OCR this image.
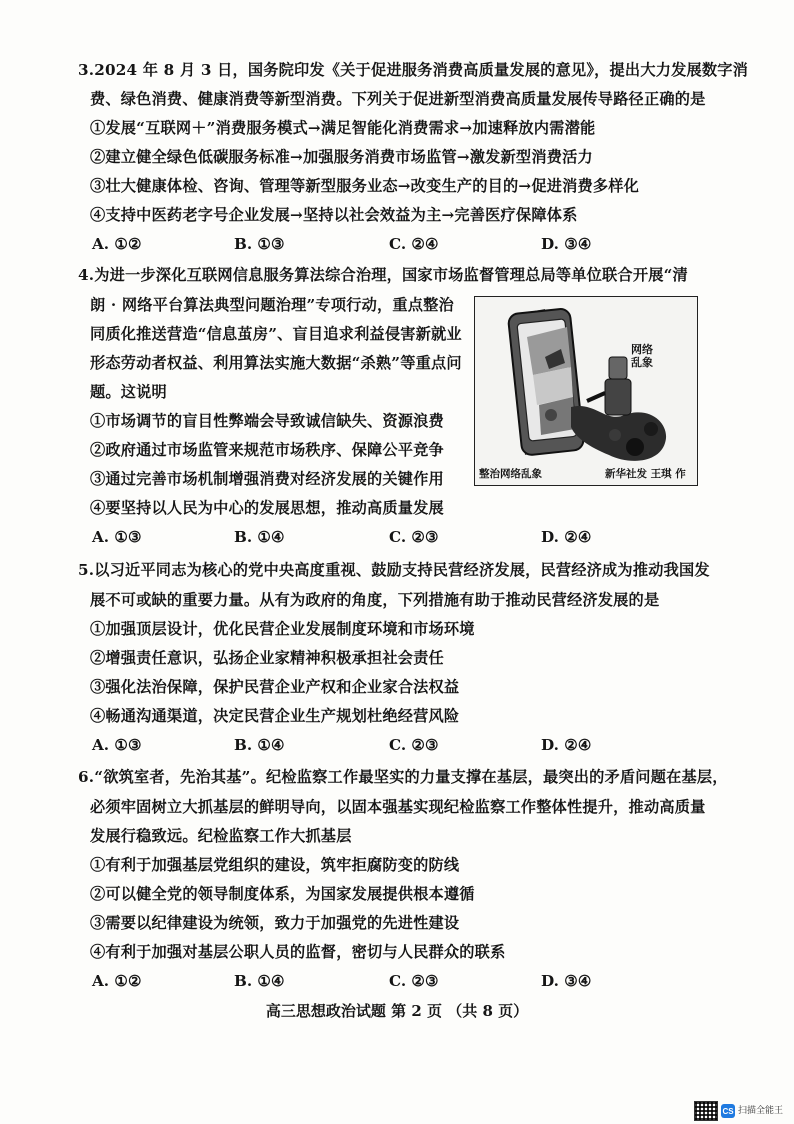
3.2024 年 8 月 3 日，国务院印发《关于促进服务消费高质量发展的意见》，提出大力发展数字消
费、绿色消费、健康消费等新型消费。下列关于促进新型消费高质量发展传导路径正确的是
①发展“互联网＋”消费服务模式→满足智能化消费需求→加速释放内需潜能
②建立健全绿色低碳服务标准→加强服务消费市场监管→激发新型消费活力
③壮大健康体检、咨询、管理等新型服务业态→改变生产的目的→促进消费多样化
④支持中医药老字号企业发展→坚持以社会效益为主→完善医疗保障体系
A. ①②	B. ①③	C. ②④	D. ③④
4.为进一步深化互联网信息服务算法综合治理，国家市场监督管理总局等单位联合开展“清
朗 · 网络平台算法典型问题治理”专项行动，重点整治
同质化推送营造“信息茧房”、盲目追求利益侵害新就业
形态劳动者权益、利用算法实施大数据“杀熟”等重点问
题。这说明
①市场调节的盲目性弊端会导致诚信缺失、资源浪费
②政府通过市场监管来规范市场秩序、保障公平竞争
③通过完善市场机制增强消费对经济发展的关键作用
④要坚持以人民为中心的发展思想，推动高质量发展
A. ①③	B. ①④	C. ②③	D. ②④
网络乱象
整治网络乱象	新华社发 王琪 作
5.以习近平同志为核心的党中央高度重视、鼓励支持民营经济发展，民营经济成为推动我国发
展不可或缺的重要力量。从有为政府的角度，下列措施有助于推动民营经济发展的是
①加强顶层设计，优化民营企业发展制度环境和市场环境
②增强责任意识，弘扬企业家精神积极承担社会责任
③强化法治保障，保护民营企业产权和企业家合法权益
④畅通沟通渠道，决定民营企业生产规划杜绝经营风险
A. ①③	B. ①④	C. ②③	D. ②④
6.“欲筑室者，先治其基”。纪检监察工作最坚实的力量支撑在基层，最突出的矛盾问题在基层，
必须牢固树立大抓基层的鲜明导向，以固本强基实现纪检监察工作整体性提升，推动高质量
发展行稳致远。纪检监察工作大抓基层
①有利于加强基层党组织的建设，筑牢拒腐防变的防线
②可以健全党的领导制度体系，为国家发展提供根本遵循
③需要以纪律建设为统领，致力于加强党的先进性建设
④有利于加强对基层公职人员的监督，密切与人民群众的联系
A. ①②	B. ①④	C. ②③	D. ③④
高三思想政治试题 第 2 页 （共 8 页）
CS 扫描全能王
